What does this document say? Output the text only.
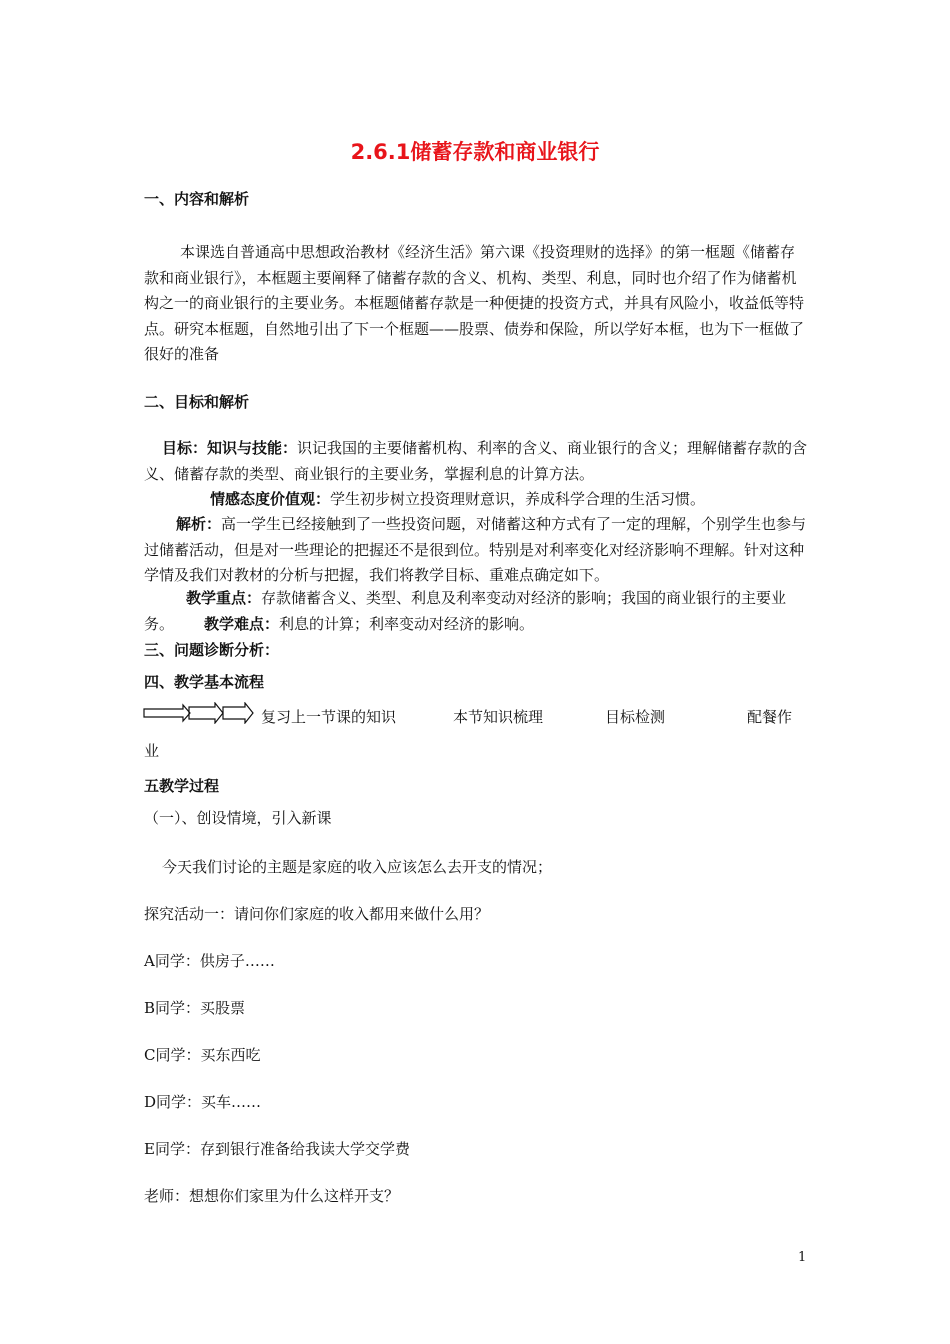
2.6.1储蓄存款和商业银行
一、内容和解析
本课选自普通高中思想政治教材《经济生活》第六课《投资理财的选择》的第一框题《储蓄存款和商业银行》，本框题主要阐释了储蓄存款的含义、机构、类型、利息，同时也介绍了作为储蓄机构之一的商业银行的主要业务。本框题储蓄存款是一种便捷的投资方式，并具有风险小，收益低等特点。研究本框题，自然地引出了下一个框题——股票、债券和保险，所以学好本框，也为下一框做了很好的准备
二、目标和解析
目标：知识与技能：识记我国的主要储蓄机构、利率的含义、商业银行的含义；理解储蓄存款的含义、储蓄存款的类型、商业银行的主要业务，掌握利息的计算方法。
情感态度价值观：学生初步树立投资理财意识，养成科学合理的生活习惯。
解析：高一学生已经接触到了一些投资问题，对储蓄这种方式有了一定的理解，个别学生也参与过储蓄活动，但是对一些理论的把握还不是很到位。特别是对利率变化对经济影响不理解。针对这种学情及我们对教材的分析与把握，我们将教学目标、重难点确定如下。
教学重点：存款储蓄含义、类型、利息及利率变动对经济的影响；我国的商业银行的主要业务。 教学难点：利息的计算；利率变动对经济的影响。
三、问题诊断分析：
四、教学基本流程
复习上一节课的知识	本节知识梳理	目标检测	配餐作
业
五教学过程
（一）、创设情境，引入新课
今天我们讨论的主题是家庭的收入应该怎么去开支的情况；
探究活动一：请问你们家庭的收入都用来做什么用？
A同学：供房子……
B同学：买股票
C同学：买东西吃
D同学：买车……
E同学：存到银行准备给我读大学交学费
老师：想想你们家里为什么这样开支？
1
